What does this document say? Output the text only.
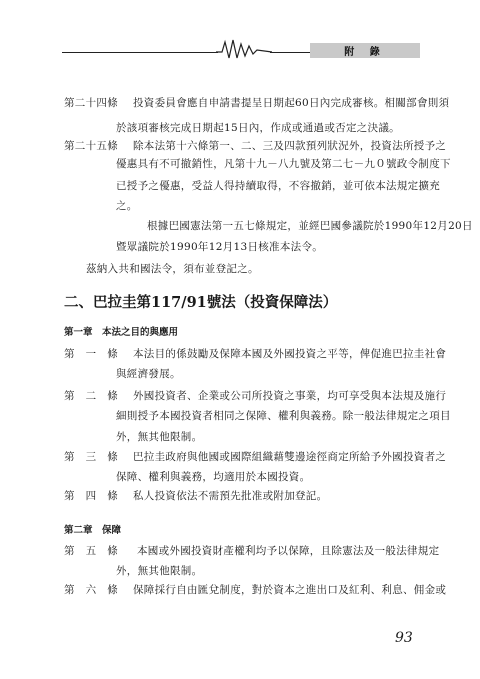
附 錄
第二十四條 投資委員會應自申請書提呈日期起60日內完成審核。相關部會則須
於該項審核完成日期起15日內，作成或通過或否定之決議。
第二十五條 除本法第十六條第一、二、三及四款預列狀況外，投資法所授予之
優惠具有不可撤銷性，凡第十九－八九號及第二七－九０號政令制度下
已授予之優惠，受益人得持續取得，不容撤銷，並可依本法規定擴充
之。
根據巴國憲法第一五七條規定，並經巴國參議院於1990年12月20日
暨眾議院於1990年12月13日核准本法令。
茲納入共和國法令，須布並登記之。
二、巴拉圭第117/91號法（投資保障法）
第一章　本法之目的與應用
第　一　條 本法目的係鼓勵及保障本國及外國投資之平等，俾促進巴拉圭社會
與經濟發展。
第　二　條 外國投資者、企業或公司所投資之事業，均可享受與本法規及施行
細則授予本國投資者相同之保障、權利與義務。除一般法律規定之項目
外，無其他限制。
第　三　條 巴拉圭政府與他國或國際組織藉雙邊途徑商定所給予外國投資者之
保障、權利與義務，均適用於本國投資。
第　四　條 私人投資依法不需預先批准或附加登記。
第二章　保障
第　五　條 本國或外國投資財產權利均予以保障，且除憲法及一般法律規定
外，無其他限制。
第　六　條 保障採行自由匯兌制度，對於資本之進出口及紅利、利息、佣金或
93
